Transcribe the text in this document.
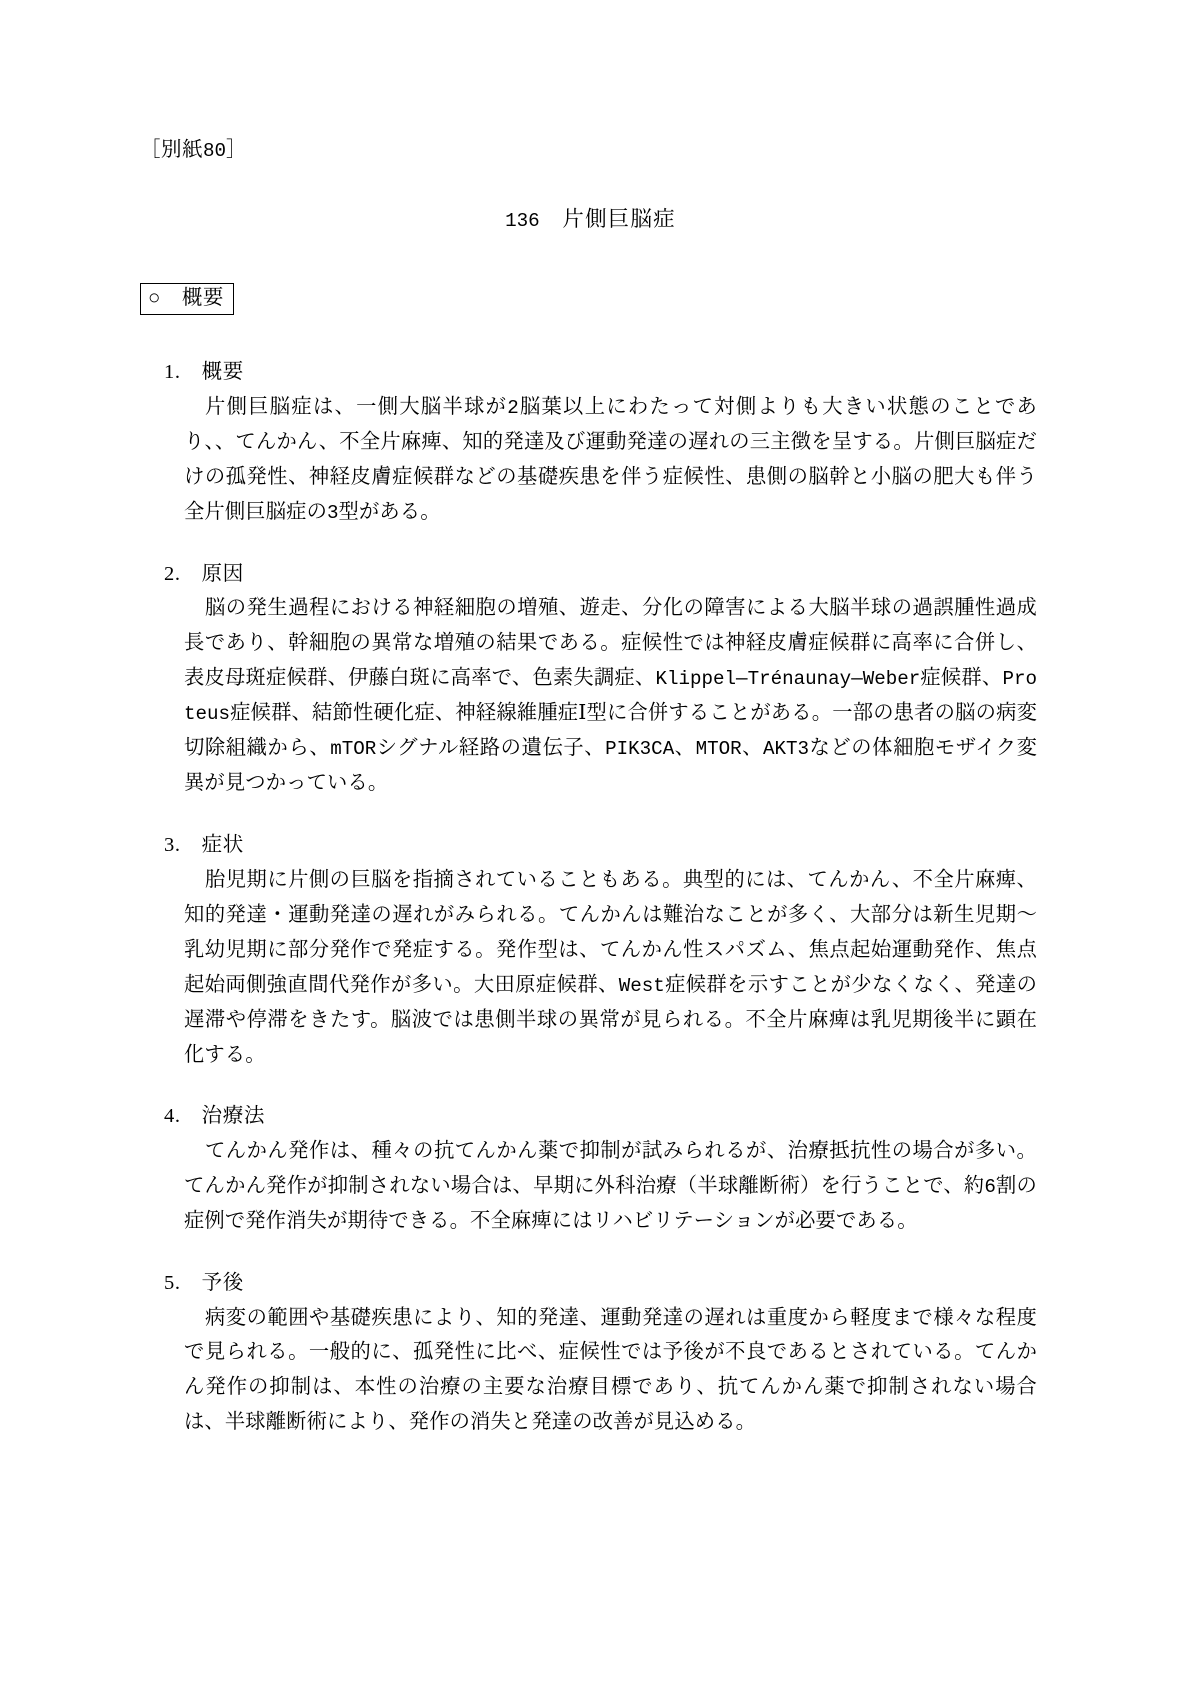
［別紙80］
136　片側巨脳症
○　概要
1.　概要

片側巨脳症は、一側大脳半球が2脳葉以上にわたって対側よりも大きい状態のことであり、、てんかん、不全片麻痺、知的発達及び運動発達の遅れの三主徴を呈する。片側巨脳症だけの孤発性、神経皮膚症候群などの基礎疾患を伴う症候性、患側の脳幹と小脳の肥大も伴う全片側巨脳症の3型がある。

2.　原因

脳の発生過程における神経細胞の増殖、遊走、分化の障害による大脳半球の過誤腫性過成長であり、幹細胞の異常な増殖の結果である。症候性では神経皮膚症候群に高率に合併し、表皮母斑症候群、伊藤白斑に高率で、色素失調症、Klippel—Trénaunay—Weber症候群、Proteus症候群、結節性硬化症、神経線維腫症Ⅰ型に合併することがある。一部の患者の脳の病変切除組織から、mTORシグナル経路の遺伝子、PIK3CA、MTOR、AKT3などの体細胞モザイク変異が見つかっている。

3.　症状

胎児期に片側の巨脳を指摘されていることもある。典型的には、てんかん、不全片麻痺、知的発達・運動発達の遅れがみられる。てんかんは難治なことが多く、大部分は新生児期〜乳幼児期に部分発作で発症する。発作型は、てんかん性スパズム、焦点起始運動発作、焦点起始両側強直間代発作が多い。大田原症候群、West症候群を示すことが少なくなく、発達の遅滞や停滞をきたす。脳波では患側半球の異常が見られる。不全片麻痺は乳児期後半に顕在化する。

4.　治療法

てんかん発作は、種々の抗てんかん薬で抑制が試みられるが、治療抵抗性の場合が多い。てんかん発作が抑制されない場合は、早期に外科治療（半球離断術）を行うことで、約6割の症例で発作消失が期待できる。不全麻痺にはリハビリテーションが必要である。

5.　予後

病変の範囲や基礎疾患により、知的発達、運動発達の遅れは重度から軽度まで様々な程度で見られる。一般的に、孤発性に比べ、症候性では予後が不良であるとされている。てんかん発作の抑制は、本性の治療の主要な治療目標であり、抗てんかん薬で抑制されない場合は、半球離断術により、発作の消失と発達の改善が見込める。
